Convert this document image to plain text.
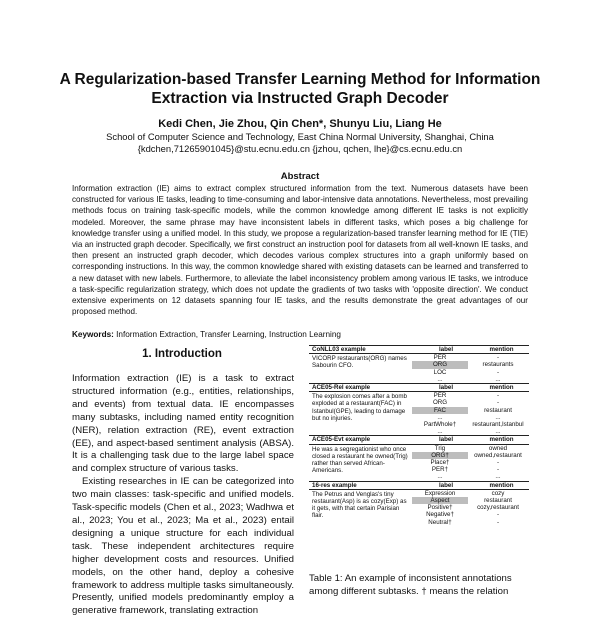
A Regularization-based Transfer Learning Method for Information Extraction via Instructed Graph Decoder
Kedi Chen, Jie Zhou, Qin Chen*, Shunyu Liu, Liang He
School of Computer Science and Technology, East China Normal University, Shanghai, China
{kdchen,71265901045}@stu.ecnu.edu.cn {jzhou, qchen, lhe}@cs.ecnu.edu.cn
Abstract
Information extraction (IE) aims to extract complex structured information from the text. Numerous datasets have been constructed for various IE tasks, leading to time-consuming and labor-intensive data annotations. Nevertheless, most prevailing methods focus on training task-specific models, while the common knowledge among different IE tasks is not explicitly modeled. Moreover, the same phrase may have inconsistent labels in different tasks, which poses a big challenge for knowledge transfer using a unified model. In this study, we propose a regularization-based transfer learning method for IE (TIE) via an instructed graph decoder. Specifically, we first construct an instruction pool for datasets from all well-known IE tasks, and then present an instructed graph decoder, which decodes various complex structures into a graph uniformly based on corresponding instructions. In this way, the common knowledge shared with existing datasets can be learned and transferred to a new dataset with new labels. Furthermore, to alleviate the label inconsistency problem among various IE tasks, we introduce a task-specific regularization strategy, which does not update the gradients of two tasks with 'opposite direction'. We conduct extensive experiments on 12 datasets spanning four IE tasks, and the results demonstrate the great advantages of our proposed method.
Keywords: Information Extraction, Transfer Learning, Instruction Learning
1. Introduction

Information extraction (IE) is a task to extract structured information (e.g., entities, relationships, and events) from textual data. IE encompasses many subtasks, including named entity recognition (NER), relation extraction (RE), event extraction (EE), and aspect-based sentiment analysis (ABSA). It is a challenging task due to the large label space and complex structure of various tasks.

Existing researches in IE can be categorized into two main classes: task-specific and unified models. Task-specific models (Chen et al., 2023; Wadhwa et al., 2023; You et al., 2023; Ma et al., 2023) entail designing a unique structure for each individual task. These independent architectures require higher development costs and resources. Unified models, on the other hand, deploy a cohesive framework to address multiple tasks simultaneously. Presently, unified models predominantly employ a generative framework, translating extraction

CoNLL03 example	label	mention
VICORP restaurants(ORG) names Sabourin CFO.
PER	-
ORG	restaurants
LOC	-
...	...
ACE05-Rel example	label	mention
The explosion comes after a bomb exploded at a restaurant(FAC) in Istanbul(GPE), leading to damage but no injuries.
PER	-
ORG	-
FAC	restaurant
...	...
PartWhole†	restaurant,Istanbul
...	...
ACE05-Evt example	label	mention
He was a segregationist who once closed a restaurant he owned(Trig) rather than served African-Americans.
Trig	owned
ORG†	owned,restaurant
Place†	-
PER†	-
...	...
16-res example	label	mention
The Petrus and Venglas's tiny restaurant(Asp) is as cozy(Exp) as it gets, with that certain Parisian flair.
Expression	cozy
Aspect	restaurant
Positive†	cozy,restaurant
Negative†	-
Neutral†	-
Table 1: An example of inconsistent annotations among different subtasks. † means the relation
